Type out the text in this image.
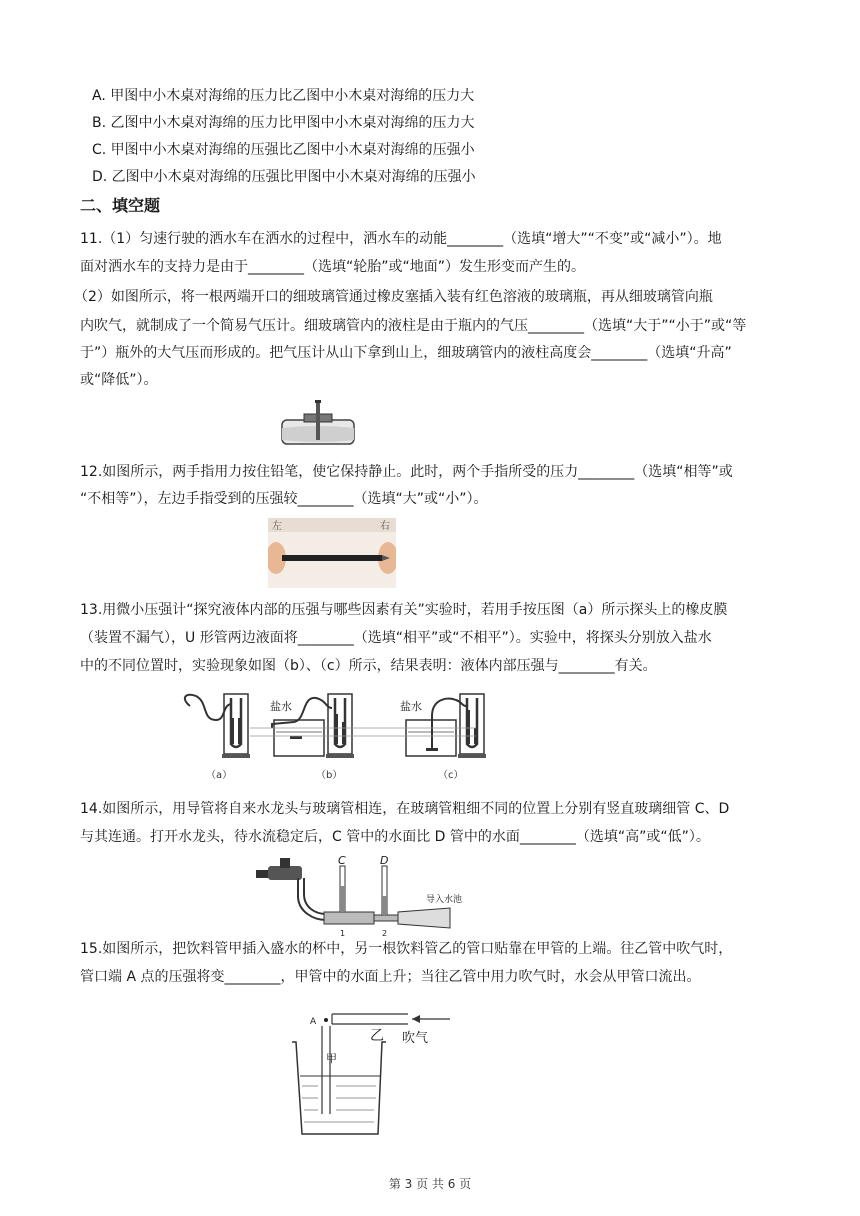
A. 甲图中小木桌对海绵的压力比乙图中小木桌对海绵的压力大
B. 乙图中小木桌对海绵的压力比甲图中小木桌对海绵的压力大
C. 甲图中小木桌对海绵的压强比乙图中小木桌对海绵的压强小
D. 乙图中小木桌对海绵的压强比甲图中小木桌对海绵的压强小
二、填空题
11.（1）匀速行驶的洒水车在洒水的过程中，洒水车的动能________（选填“增大”“不变”或“减小”）。地
面对洒水车的支持力是由于________（选填“轮胎”或“地面”）发生形变而产生的。
（2）如图所示，将一根两端开口的细玻璃管通过橡皮塞插入装有红色溶液的玻璃瓶，再从细玻璃管向瓶
内吹气，就制成了一个简易气压计。细玻璃管内的液柱是由于瓶内的气压________（选填“大于”“小于”或“等
于”）瓶外的大气压而形成的。把气压计从山下拿到山上，细玻璃管内的液柱高度会________（选填“升高”
或“降低”）。
12.如图所示，两手指用力按住铅笔，使它保持静止。此时，两个手指所受的压力________（选填“相等”或
“不相等”），左边手指受到的压强较________（选填“大”或“小”）。
左	右
13.用微小压强计“探究液体内部的压强与哪些因素有关”实验时，若用手按压图（a）所示探头上的橡皮膜
（装置不漏气），U 形管两边液面将________（选填“相平”或“不相平”）。实验中，将探头分别放入盐水
中的不同位置时，实验现象如图（b）、（c）所示，结果表明：液体内部压强与________有关。
（a）
盐水
（b）
盐水
（c）
14.如图所示，用导管将自来水龙头与玻璃管相连，在玻璃管粗细不同的位置上分别有竖直玻璃细管 C、D
与其连通。打开水龙头，待水流稳定后，C 管中的水面比 D 管中的水面________（选填“高”或“低”）。
C	D
1	2
导入水池
15.如图所示，把饮料管甲插入盛水的杯中，另一根饮料管乙的管口贴靠在甲管的上端。往乙管中吹气时，
管口端 A 点的压强将变________，甲管中的水面上升；当往乙管中用力吹气时，水会从甲管口流出。
A
乙 吹气
甲
第 3 页 共 6 页
